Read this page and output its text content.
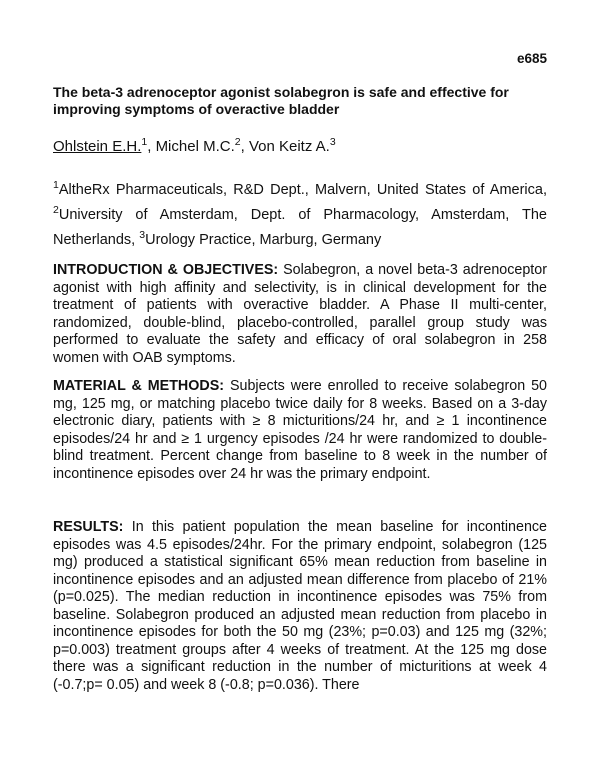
e685
The beta-3 adrenoceptor agonist solabegron is safe and effective for improving symptoms of overactive bladder
Ohlstein E.H.$^1$, Michel M.C.$^2$, Von Keitz A.$^3$
$^1$AltheRx Pharmaceuticals, R&D Dept., Malvern, United States of America, $^2$University of Amsterdam, Dept. of Pharmacology, Amsterdam, The Netherlands, $^3$Urology Practice, Marburg, Germany

INTRODUCTION & OBJECTIVES: Solabegron, a novel beta-3 adrenoceptor agonist with high affinity and selectivity, is in clinical development for the treatment of patients with overactive bladder. A Phase II multi-center, randomized, double-blind, placebo-controlled, parallel group study was performed to evaluate the safety and efficacy of oral solabegron in 258 women with OAB symptoms.

MATERIAL & METHODS: Subjects were enrolled to receive solabegron 50 mg, 125 mg, or matching placebo twice daily for 8 weeks. Based on a 3-day electronic diary, patients with ≥ 8 micturitions/24 hr, and ≥ 1 incontinence episodes/24 hr and ≥ 1 urgency episodes /24 hr were randomized to double-blind treatment. Percent change from baseline to 8 week in the number of incontinence episodes over 24 hr was the primary endpoint.

RESULTS: In this patient population the mean baseline for incontinence episodes was 4.5 episodes/24hr. For the primary endpoint, solabegron (125 mg) produced a statistical significant 65% mean reduction from baseline in incontinence episodes and an adjusted mean difference from placebo of 21% (p=0.025). The median reduction in incontinence episodes was 75% from baseline. Solabegron produced an adjusted mean reduction from placebo in incontinence episodes for both the 50 mg (23%; p=0.03) and 125 mg (32%; p=0.003) treatment groups after 4 weeks of treatment. At the 125 mg dose there was a significant reduction in the number of micturitions at week 4 (-0.7;p= 0.05) and week 8 (-0.8; p=0.036). There
